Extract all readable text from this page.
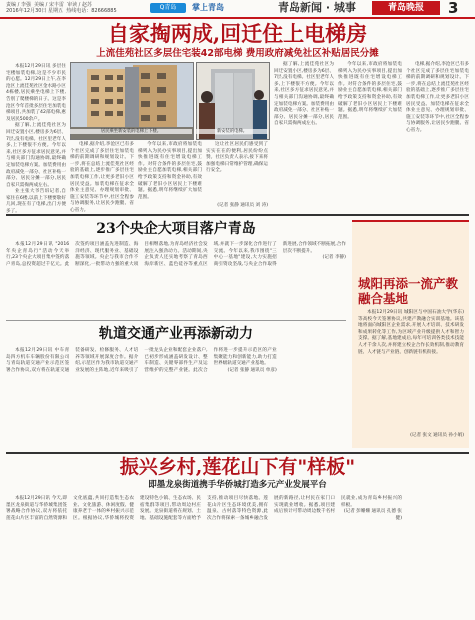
责编 / 李强  美编 / 宋丰雷  审读 / 赵苏
2016年12月30日 星期五  热线电话：82666885	Q青岛	掌上青岛	青岛新闻 · 城事	青岛晚报	3
自家掏两成,回迁住上电梯房
上流佳苑社区多层住宅装42部电梯 费用政府减免社区补贴居民分摊

本报12月29日讯 多层住宅楼加装电梯,这是不少市民的心愿。12月29日上午,在李沧区上流佳苑社区金水路小区4栋楼,居民乘坐电梯上下楼,告别了爬楼梯的日子。这是李沧区今年首批多层住宅加装电梯项目,共加装了42部电梯,惠及居民500余户。

据了解,上流佳苑社区为回迁安置小区,楼房多为6层、7层,没有电梯。社区里老年人多,上下楼很不方便。今年以来,社区多方征求居民意见,并与相关部门沟通协调,最终确定加装电梯方案。加装费用由政府减免一部分、社区补贴一部分、居民分摊一部分,居民自家只需掏两成左右。

业主张大爷告诉记者,自家住在6楼,以前上下楼要歇好几回,现在有了电梯,出门方便多了。

居民乘坐新安装的电梯上下楼。	新安装的电梯。

电梯,据介绍,李沧区已有多个社区完成了多层住宅加装电梯的前期调研和规划设计。下一步,将在总结上流佳苑社区经验的基础上,逐步推广多层住宅加装电梯工作,让更多老旧小区居民受益。加装电梯在征求全体业主意见、办理规划审批、施工安装等环节中,社区全程参与协调服务,让居民少跑腿、省心省力。

今年以来,市政府将加装电梯列入为民办实事项目,提出加快推进既有住宅增设电梯工作。对符合条件的多层住宅,鼓励业主自愿加装电梯,相关部门给予政策支持和资金补助,有效破解了老旧小区居民上下楼难题。据悉,明年将继续扩大加装范围。

这让社区居民们感受到了实实在在的便利,居民纷纷点赞。社区负责人表示,接下来将加强电梯日常维护管理,确保运行安全。

(记者 张静 通讯员 刘 涛)

据了解,上流佳苑社区为回迁安置小区,楼房多为6层、7层,没有电梯。社区里老年人多,上下楼很不方便。今年以来,社区多方征求居民意见,并与相关部门沟通协调,最终确定加装电梯方案。加装费用由政府减免一部分、社区补贴一部分、居民分摊一部分,居民自家只需掏两成左右。

今年以来,市政府将加装电梯列入为民办实事项目,提出加快推进既有住宅增设电梯工作。对符合条件的多层住宅,鼓励业主自愿加装电梯,相关部门给予政策支持和资金补助,有效破解了老旧小区居民上下楼难题。据悉,明年将继续扩大加装范围。

电梯,据介绍,李沧区已有多个社区完成了多层住宅加装电梯的前期调研和规划设计。下一步,将在总结上流佳苑社区经验的基础上,逐步推广多层住宅加装电梯工作,让更多老旧小区居民受益。加装电梯在征求全体业主意见、办理规划审批、施工安装等环节中,社区全程参与协调服务,让居民少跑腿、省心省力。

23个央企大项目落户青岛

本报12月29日讯 "2016年央企青岛行"活动今天举行,23个央企大项目集中签约落户青岛,总投资超过千亿元。此次签约项目涵盖先进制造、海洋经济、现代服务业、基础设施等领域。央企与我市合作不断深化,一批带动力强的重大项目相继落地,为青岛经济社会发展注入强劲动力。活动期间,央企负责人还实地考察了青岛西海岸新区、蓝色硅谷等重点区域,并就下一步深化合作进行了交流。今年以来,我市围绕"三中心一基地"建设,大力实施招商引资攻坚战,与央企合作取得新进展,合作领域不断拓展,合作层次不断提升。

(记者 李静)
轨道交通产业再添新动力

本报12月29日讯 中车青岛四方机车车辆股份有限公司与青岛轨道交通产业示范区签署合作协议,双方将在轨道交通装备研发、检修服务、人才培养等领域开展深度合作。据介绍,示范区作为我市轨道交通产业发展的主阵地,近年来吸引了一批龙头企业和配套企业落户,已初步形成涵盖研发设计、整车制造、关键零部件生产及运营维护的完整产业链。此次合作将进一步提升示范区的产业集聚能力和创新能力,助力打造世界级轨道交通产业基地。

(记者 张静 通讯员 单彦)
城阳再添一流产教融合基地

本报12月29日讯 城阳区与中国石油大学(华东)等高校今天签署协议,共建产教融合实训基地。该基地将面向城阳区企业需求,开展人才培训、技术研发和成果转化等工作,为区域产业升级提供人才和智力支撑。据了解,基地建成后,每年可培训各类技术技能人才千余人次,并将建立校企合作长效机制,推动教育链、人才链与产业链、创新链有机衔接。

(记者 张文 通讯员 孙小娟)
振兴乡村,莲花山下有"样板"
即墨龙泉街道携手华侨城打造多元产业发展平台

本报12月29日讯 今天,即墨区龙泉街道与华侨城集团签署战略合作协议,双方将依托莲花山片区丰富的自然资源和文化底蕴,共同打造集生态农业、文化旅游、休闲度假、健康养老于一体的乡村振兴示范区。根据协议,华侨城将投资建设特色小镇、生态农场、民宿集群等项目,带动周边村庄发展。龙泉街道将在规划、土地、基础设施配套等方面给予支持,推动项目尽快落地。莲花山片区生态环境优美,拥有温泉、古村落等特色资源,此次合作将探索一条城乡融合发展的新路径,让村民在家门口实现就业增收。据悉,项目建成后预计可带动周边数千名村民就业,成为青岛乡村振兴的样板。

(记者 彭姗姗 通讯员 孔德 张健)
